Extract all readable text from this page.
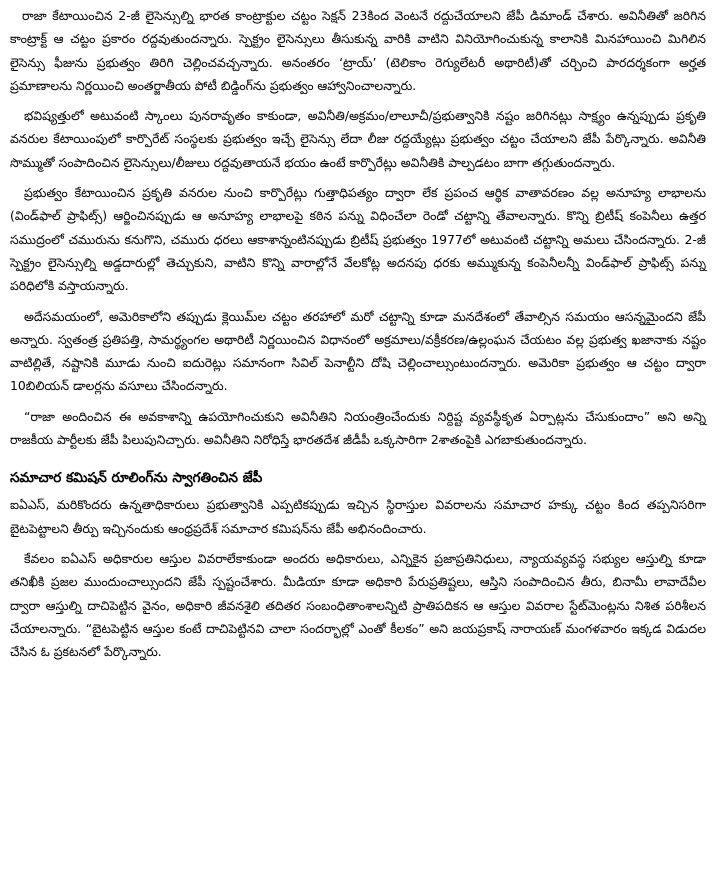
రాజా కేటాయించిన 2-జీ లైసెన్సుల్ని భారత కాంట్రాక్టుల చట్టం సెక్షన్ 23కింద వెంటనే రద్దుచేయాలని జేపీ డిమాండ్ చేశారు. అవినీతితో జరిగిన కాంట్రాక్ట్ ఆ చట్టం ప్రకారం రద్దవుతుందన్నారు. స్పెక్ట్రం లైసెన్సులు తీసుకున్న వారికి వాటిని వినియోగించుకున్న కాలానికి మినహాయించి మిగిలిన లైసెన్సు ఫీజును ప్రభుత్వం తిరిగి చెల్లించవచ్చన్నారు. అనంతరం ‘ట్రాయ్’ (టెలికాం రెగ్యులేటరీ అథారిటీ)తో చర్చించి పారదర్శకంగా అర్హత ప్రమాణాలను నిర్ణయించి అంతర్జాతీయ పోటీ బిడ్డింగ్‌ను ప్రభుత్వం ఆహ్వానించాలన్నారు.

భవిష్యత్తులో అటువంటి స్కాంలు పునరావృతం కాకుండా, అవినీతి/అక్రమం/లాలూచీ/ప్రభుత్వానికి నష్టం జరిగినట్లు సాక్ష్యం ఉన్నప్పుడు ప్రకృతి వనరుల కేటాయింపులో కార్పొరేట్ సంస్థలకు ప్రభుత్వం ఇచ్చే లైసెన్సు లేదా లీజు రద్దయ్యేట్లు ప్రభుత్వం చట్టం చేయాలని జేపీ పేర్కొన్నారు. అవినీతి సొమ్ముతో సంపాదించిన లైసెన్సులు/లీజులు రద్దవుతాయనే భయం ఉంటే కార్పొరేట్లు అవినీతికి పాల్పడటం బాగా తగ్గుతుందన్నారు.

ప్రభుత్వం కేటాయించిన ప్రకృతి వనరుల నుంచి కార్పొరేట్లు గుత్తాధిపత్యం ద్వారా లేక ప్రపంచ ఆర్థిక వాతావరణం వల్ల అనూహ్య లాభాలను (విండ్‌ఫాల్ ప్రాఫిట్స్) ఆర్జించినప్పుడు ఆ అనూహ్య లాభాలపై కఠిన పన్ను విధించేలా రెండో చట్టాన్ని తేవాలన్నారు. కొన్ని బ్రిటీష్ కంపెనీలు ఉత్తర సముద్రంలో చమురును కనుగొని, చమురు ధరలు ఆకాశాన్నంటినప్పుడు బ్రిటీష్ ప్రభుత్వం 1977లో అటువంటి చట్టాన్ని అమలు చేసిందన్నారు. 2-జీ స్పెక్ట్రం లైసెన్సుల్ని అడ్డదారుల్లో తెచ్చుకుని, వాటిని కొన్ని వారాల్లోనే వేలకోట్ల అదనపు ధరకు అమ్ముకున్న కంపెనీలన్నీ విండ్‌ఫాల్ ప్రాఫిట్స్ పన్ను పరిధిలోకి వస్తాయన్నారు.

అదేసమయంలో, అమెరికాలోని తప్పుడు క్లెయిమ్‌ల చట్టం తరహాలో మరో చట్టాన్ని కూడా మనదేశంలో తేవాల్సిన సమయం ఆసన్నమైందని జేపీ అన్నారు. స్వతంత్ర ప్రతిపత్తి, సామర్థ్యంగల అథారిటీ నిర్ణయించిన విధానంలో అక్రమాలు/వక్రీకరణ/ఉల్లంఘన చేయటం వల్ల ప్రభుత్వ ఖజానాకు నష్టం వాటిల్లితే, నష్టానికి మూడు నుంచి ఐదురెట్లు సమానంగా సివిల్ పెనాల్టీని దోషి చెల్లించాల్సుంటుందన్నారు. అమెరికా ప్రభుత్వం ఆ చట్టం ద్వారా 10బిలియన్ డాలర్లను వసూలు చేసిందన్నారు.

“రాజా అందించిన ఈ అవకాశాన్ని ఉపయోగించుకుని అవినీతిని నియంత్రించేందుకు నిర్దిష్ట వ్యవస్థీకృత ఏర్పాట్లను చేసుకుందాం” అని అన్ని రాజకీయ పార్టీలకు జేపీ పిలుపునిచ్చారు. అవినీతిని నిరోధిస్తే భారతదేశ జీడీపీ ఒక్కసారిగా 2శాతంపైకి ఎగబాకుతుందన్నారు.

సమాచార కమిషన్ రూలింగ్‌ను స్వాగతించిన జేపీ

ఐఏఎస్, మరికొందరు ఉన్నతాధికారులు ప్రభుత్వానికి ఎప్పటికప్పుడు ఇచ్చిన స్థిరాస్తుల వివరాలను సమాచార హక్కు చట్టం కింద తప్పనిసరిగా బైటపెట్టాలని తీర్పు ఇచ్చినందుకు ఆంధ్రప్రదేశ్ సమాచార కమిషన్‌ను జేపీ అభినందించారు.

కేవలం ఐఏఎస్ అధికారుల ఆస్తుల వివరాలేకాకుండా అందరు అధికారులు, ఎన్నికైన ప్రజాప్రతినిధులు, న్యాయవ్యవస్థ సభ్యుల ఆస్తుల్ని కూడా తనిఖీకి ప్రజల ముందుంచాల్సుందని జేపీ స్పష్టంచేశారు. మీడియా కూడా అధికారి పేరుప్రతిష్టలు, ఆస్తిని సంపాదించిన తీరు, బినామీ లావాదేవీల ద్వారా ఆస్తుల్ని దాచిపెట్టిన వైనం, అధికారి జీవనశైలి తదితర సంబంధితాంశాలన్నిటి ప్రాతిపదికన ఆ ఆస్తుల వివరాల స్టేట్‌మెంట్లను నిశిత పరిశీలన చేయాలన్నారు. “బైటపెట్టిన ఆస్తుల కంటే దాచిపెట్టినవి చాలా సందర్భాల్లో ఎంతో కీలకం” అని జయప్రకాష్ నారాయణ్ మంగళవారం ఇక్కడ విడుదల చేసిన ఓ ప్రకటనలో పేర్కొన్నారు.
